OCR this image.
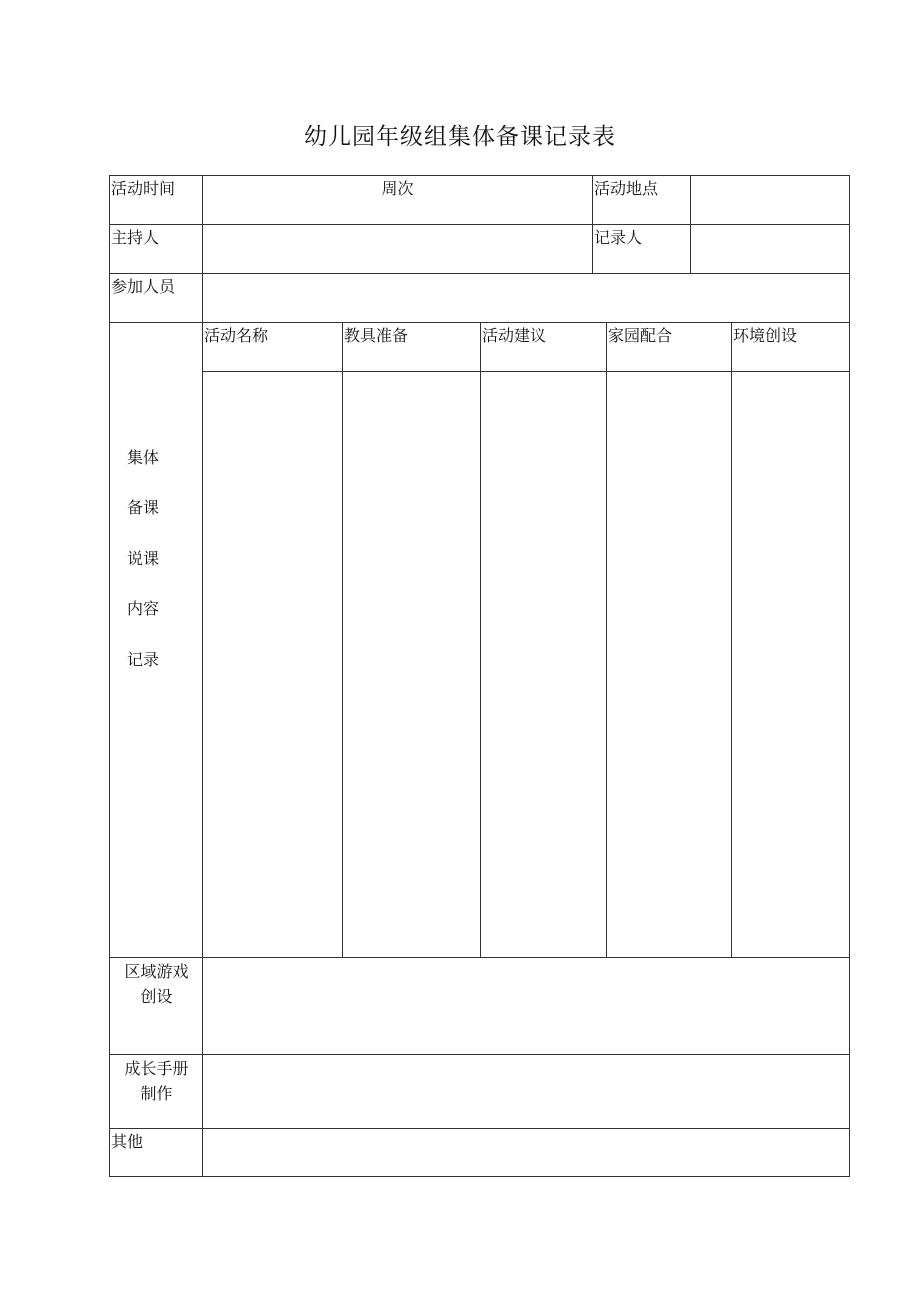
幼儿园年级组集体备课记录表
活动时间	周次	活动地点
主持人	记录人
参加人员
活动名称	教具准备	活动建议	家园配合	环境创设
集体
备课
说课
内容
记录
区域游戏
创设
成长手册
制作
其他
